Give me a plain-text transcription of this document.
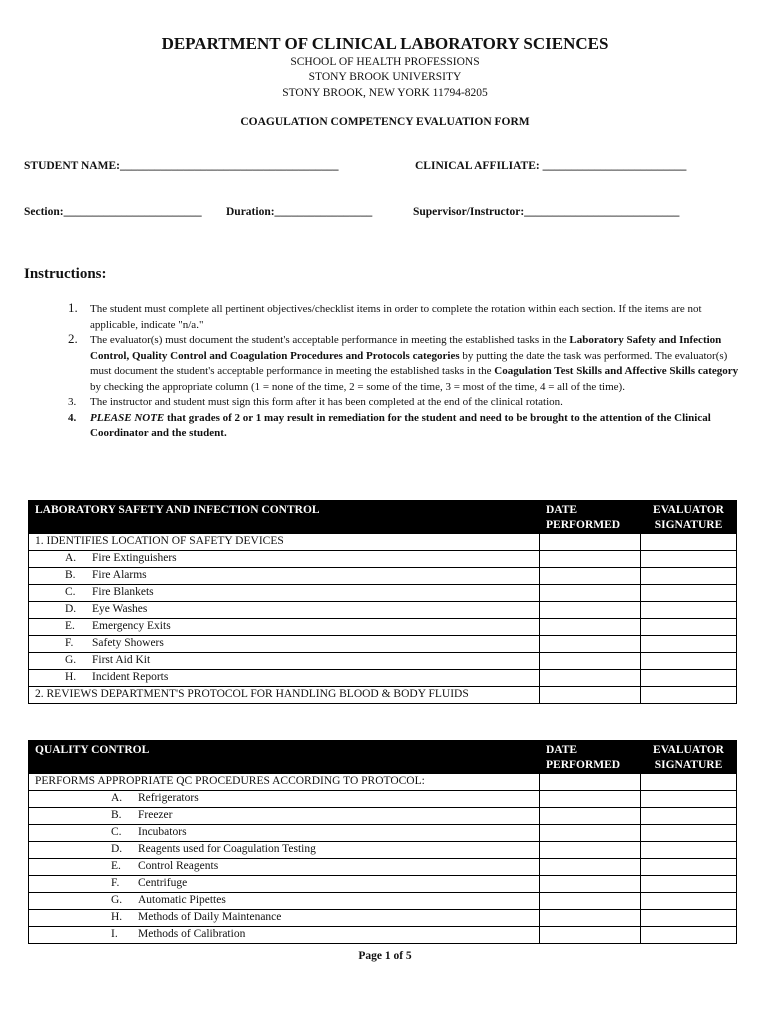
DEPARTMENT OF CLINICAL LABORATORY SCIENCES
SCHOOL OF HEALTH PROFESSIONS
STONY BROOK UNIVERSITY
STONY BROOK, NEW YORK 11794-8205
COAGULATION COMPETENCY EVALUATION FORM
STUDENT NAME:______________________________________	CLINICAL AFFILIATE: _________________________
Section:________________________ Duration:_________________	Supervisor/Instructor:___________________________
Instructions:
1. The student must complete all pertinent objectives/checklist items in order to complete the rotation within each section. If the items are not applicable, indicate "n/a."
2. The evaluator(s) must document the student's acceptable performance in meeting the established tasks in the Laboratory Safety and Infection Control, Quality Control and Coagulation Procedures and Protocols categories by putting the date the task was performed. The evaluator(s) must document the student's acceptable performance in meeting the established tasks in the Coagulation Test Skills and Affective Skills category by checking the appropriate column (1 = none of the time, 2 = some of the time, 3 = most of the time, 4 = all of the time).
3. The instructor and student must sign this form after it has been completed at the end of the clinical rotation.
4. PLEASE NOTE that grades of 2 or 1 may result in remediation for the student and need to be brought to the attention of the Clinical Coordinator and the student.
LABORATORY SAFETY AND INFECTION CONTROL	DATE PERFORMED	EVALUATOR SIGNATURE
1. IDENTIFIES LOCATION OF SAFETY DEVICES		
A. Fire Extinguishers		
B. Fire Alarms		
C. Fire Blankets		
D. Eye Washes		
E. Emergency Exits		
F. Safety Showers		
G. First Aid Kit		
H. Incident Reports		
2. REVIEWS DEPARTMENT'S PROTOCOL FOR HANDLING BLOOD & BODY FLUIDS		
QUALITY CONTROL	DATE PERFORMED	EVALUATOR SIGNATURE
PERFORMS APPROPRIATE QC PROCEDURES ACCORDING TO PROTOCOL:		
A. Refrigerators		
B. Freezer		
C. Incubators		
D. Reagents used for Coagulation Testing		
E. Control Reagents		
F. Centrifuge		
G. Automatic Pipettes		
H. Methods of Daily Maintenance		
I. Methods of Calibration		
Page 1 of 5
